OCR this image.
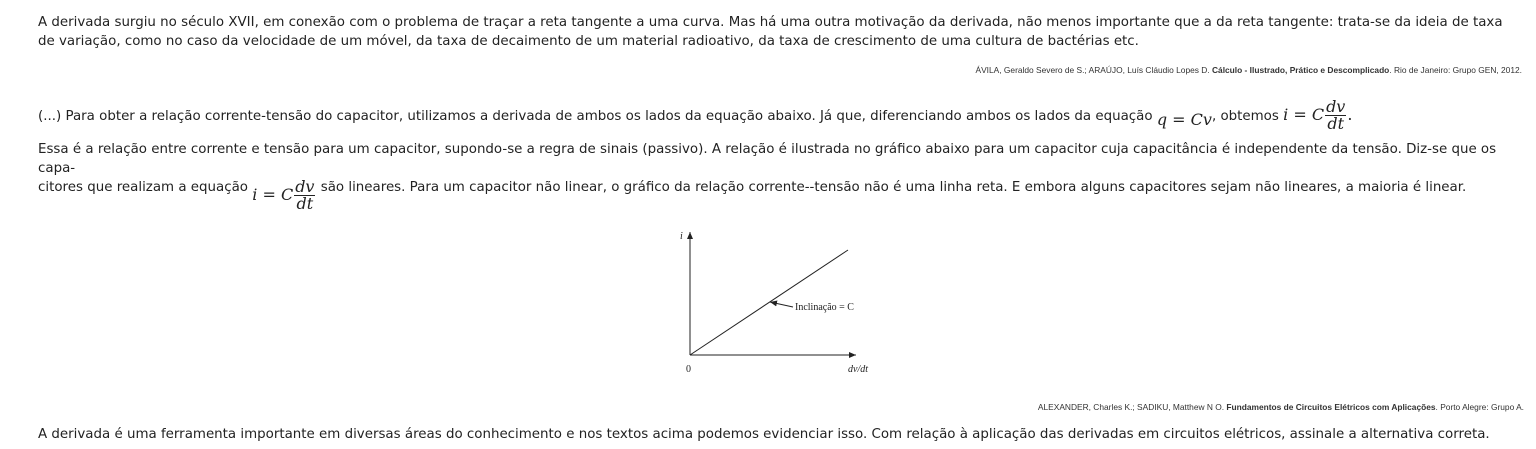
A derivada surgiu no século XVII, em conexão com o problema de traçar a reta tangente a uma curva. Mas há uma outra motivação da derivada, não menos importante que a da reta tangente: trata-se da ideia de taxa de variação, como no caso da velocidade de um móvel, da taxa de decaimento de um material radioativo, da taxa de crescimento de uma cultura de bactérias etc.
ÁVILA, Geraldo Severo de S.; ARAÚJO, Luís Cláudio Lopes D. Cálculo - Ilustrado, Prático e Descomplicado. Rio de Janeiro: Grupo GEN, 2012.
(...) Para obter a relação corrente-tensão do capacitor, utilizamos a derivada de ambos os lados da equação abaixo. Já que, diferenciando ambos os lados da equação q = Cv, obtemos i = C $\frac{dv}{dt}$ .
Essa é a relação entre corrente e tensão para um capacitor, supondo-se a regra de sinais (passivo). A relação é ilustrada no gráfico abaixo para um capacitor cuja capacitância é independente da tensão. Diz-se que os capa-
citores que realizam a equação i = C $\frac{dv}{dt}$ são lineares. Para um capacitor não linear, o gráfico da relação corrente--tensão não é uma linha reta. E embora alguns capacitores sejam não lineares, a maioria é linear.
i
0	dv/dt
Inclinação = C
ALEXANDER, Charles K.; SADIKU, Matthew N O. Fundamentos de Circuitos Elétricos com Aplicações. Porto Alegre: Grupo A.
A derivada é uma ferramenta importante em diversas áreas do conhecimento e nos textos acima podemos evidenciar isso. Com relação à aplicação das derivadas em circuitos elétricos, assinale a alternativa correta.
